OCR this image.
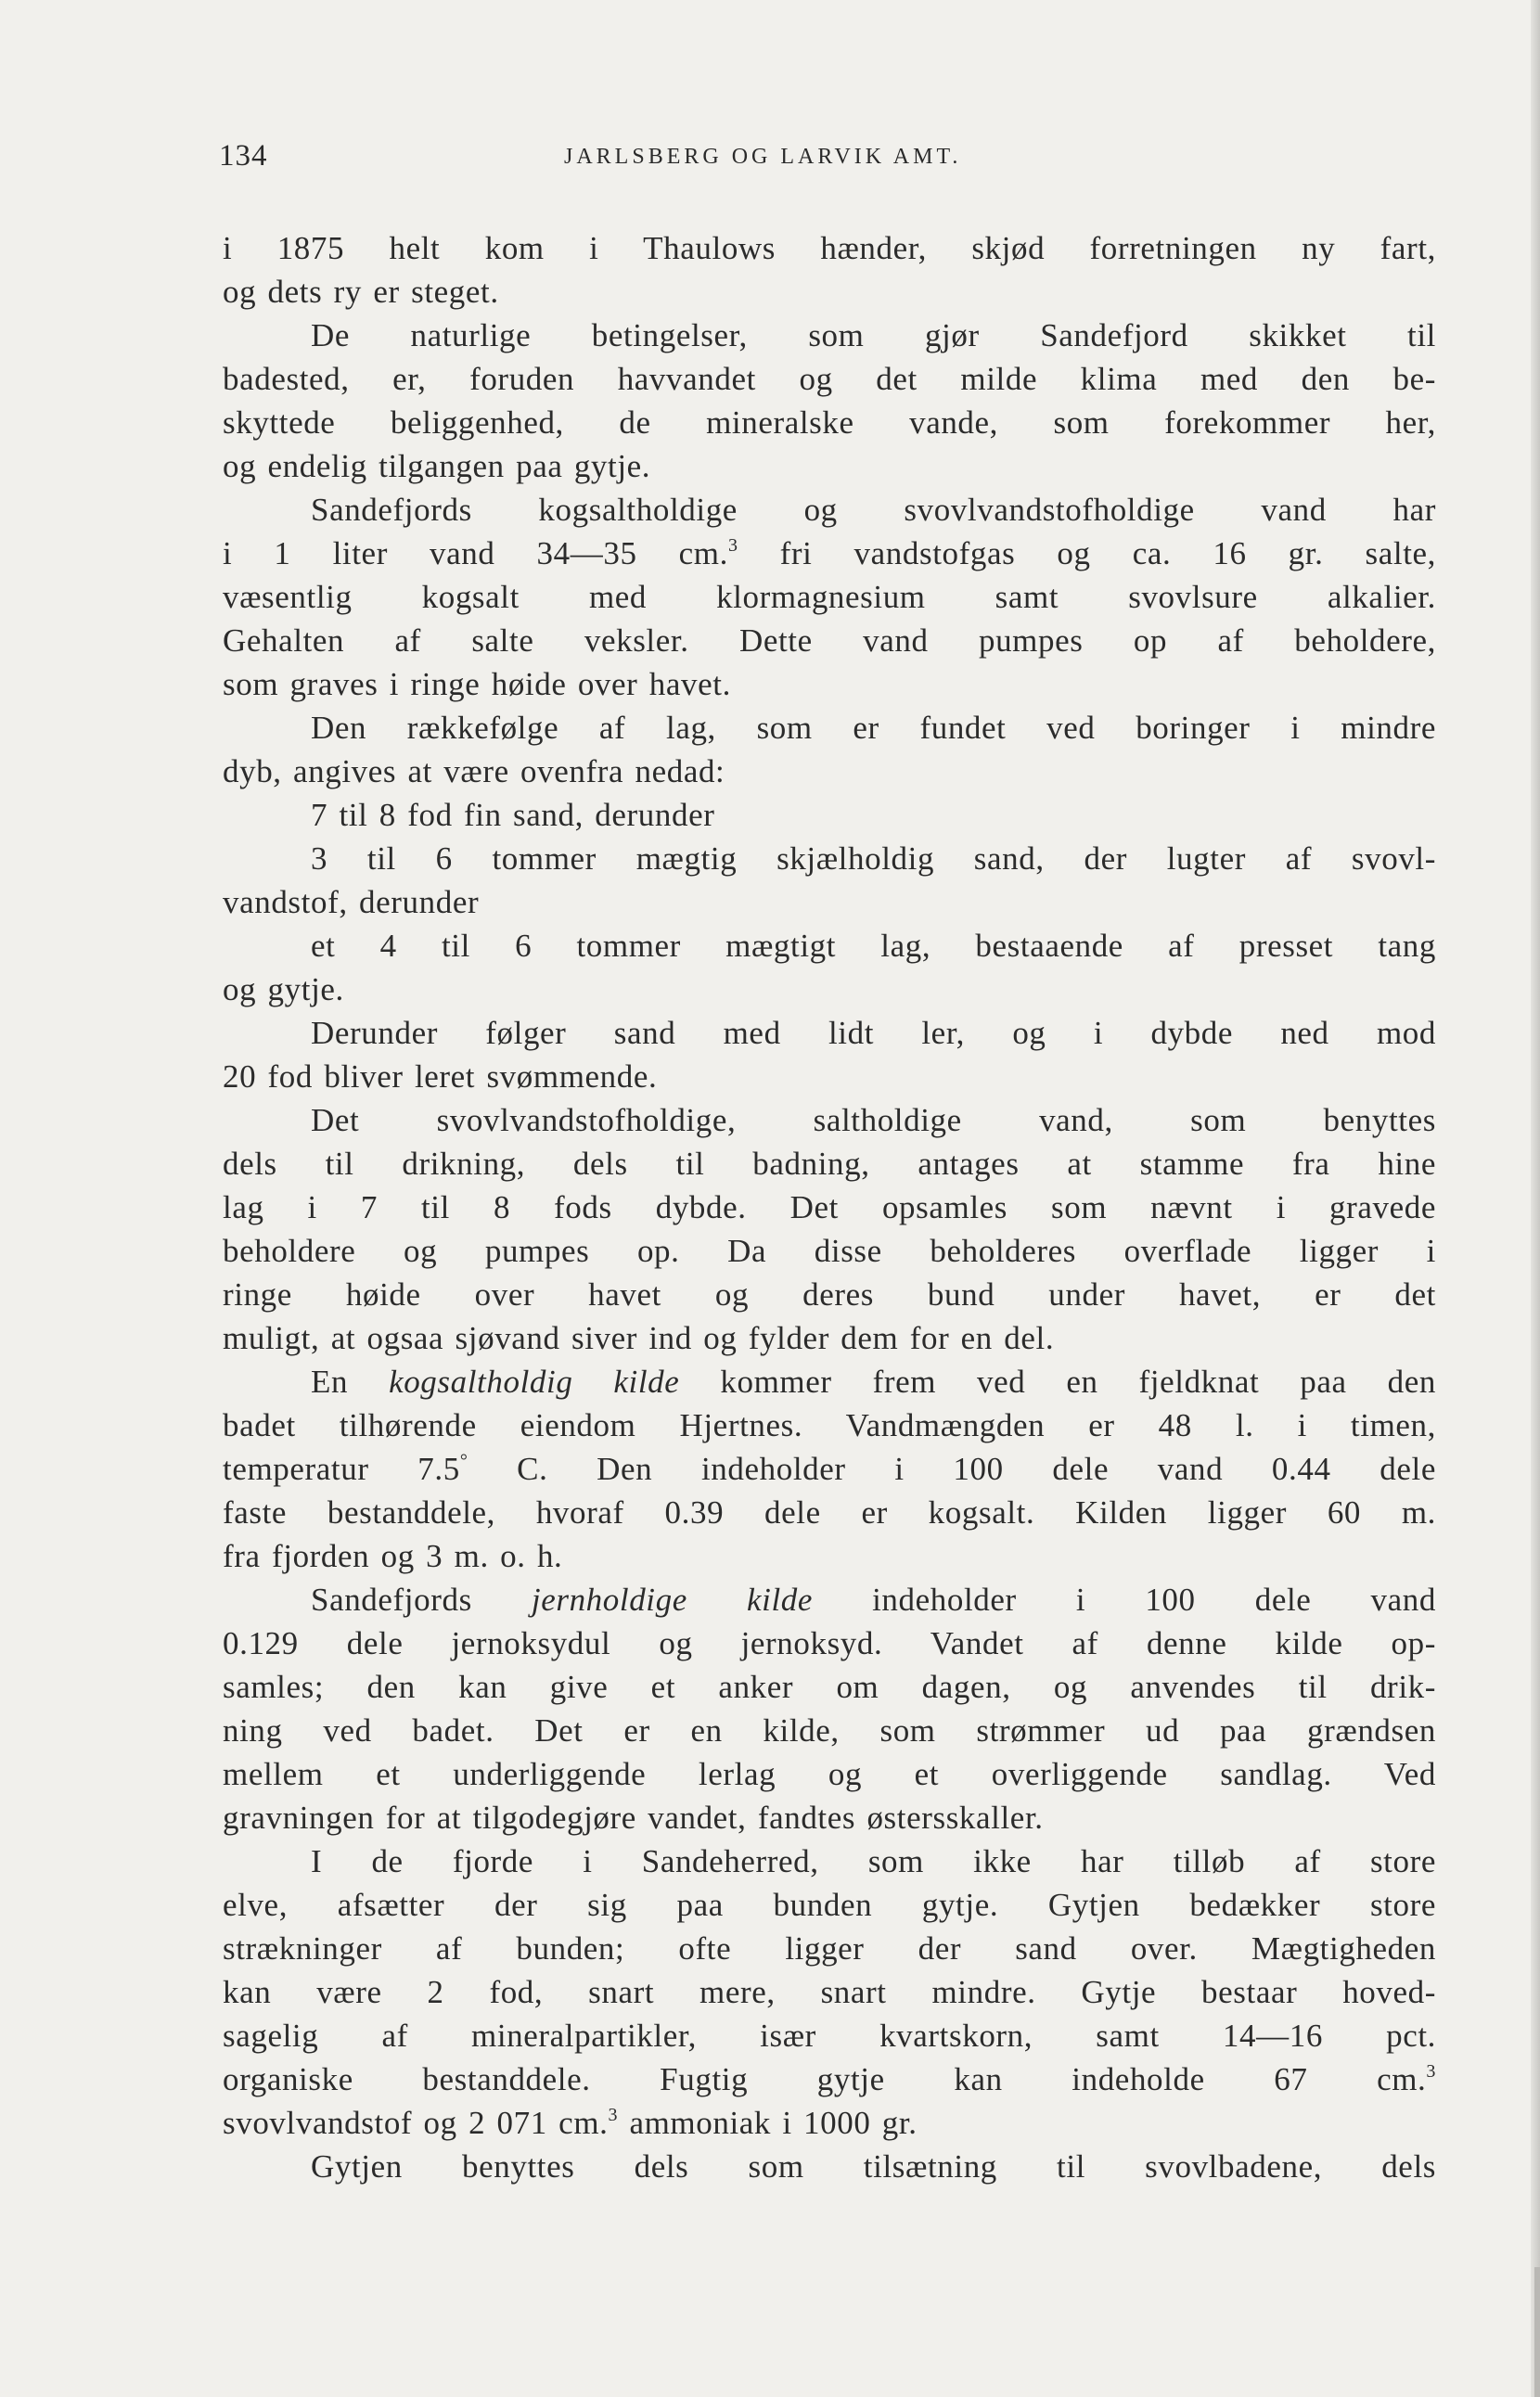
134	JARLSBERG OG LARVIK AMT.
i 1875 helt kom i Thaulows hænder, skjød forretningen ny fart,
og dets ry er steget.
De naturlige betingelser, som gjør Sandefjord skikket til
badested, er, foruden havvandet og det milde klima med den be-
skyttede beliggenhed, de mineralske vande, som forekommer her,
og endelig tilgangen paa gytje.
Sandefjords kogsaltholdige og svovlvandstofholdige vand har
i 1 liter vand 34—35 cm.$^3$ fri vandstofgas og ca. 16 gr. salte,
væsentlig kogsalt med klormagnesium samt svovlsure alkalier.
Gehalten af salte veksler. Dette vand pumpes op af beholdere,
som graves i ringe høide over havet.
Den rækkefølge af lag, som er fundet ved boringer i mindre
dyb, angives at være ovenfra nedad:
7 til 8 fod fin sand, derunder
3 til 6 tommer mægtig skjælholdig sand, der lugter af svovl-
vandstof, derunder
et 4 til 6 tommer mægtigt lag, bestaaende af presset tang
og gytje.
Derunder følger sand med lidt ler, og i dybde ned mod
20 fod bliver leret svømmende.
Det svovlvandstofholdige, saltholdige vand, som benyttes
dels til drikning, dels til badning, antages at stamme fra hine
lag i 7 til 8 fods dybde. Det opsamles som nævnt i gravede
beholdere og pumpes op. Da disse beholderes overflade ligger i
ringe høide over havet og deres bund under havet, er det
muligt, at ogsaa sjøvand siver ind og fylder dem for en del.
En kogsaltholdig kilde kommer frem ved en fjeldknat paa den
badet tilhørende eiendom Hjertnes. Vandmængden er 48 l. i timen,
temperatur 7.5° C. Den indeholder i 100 dele vand 0.44 dele
faste bestanddele, hvoraf 0.39 dele er kogsalt. Kilden ligger 60 m.
fra fjorden og 3 m. o. h.
Sandefjords jernholdige kilde indeholder i 100 dele vand
0.129 dele jernoksydul og jernoksyd. Vandet af denne kilde op-
samles; den kan give et anker om dagen, og anvendes til drik-
ning ved badet. Det er en kilde, som strømmer ud paa grændsen
mellem et underliggende lerlag og et overliggende sandlag. Ved
gravningen for at tilgodegjøre vandet, fandtes østersskaller.
I de fjorde i Sandeherred, som ikke har tilløb af store
elve, afsætter der sig paa bunden gytje. Gytjen bedækker store
strækninger af bunden; ofte ligger der sand over. Mægtigheden
kan være 2 fod, snart mere, snart mindre. Gytje bestaar hoved-
sagelig af mineralpartikler, især kvartskorn, samt 14—16 pct.
organiske bestanddele. Fugtig gytje kan indeholde 67 cm.$^3$
svovlvandstof og 2 071 cm.$^3$ ammoniak i 1000 gr.
Gytjen benyttes dels som tilsætning til svovlbadene, dels
